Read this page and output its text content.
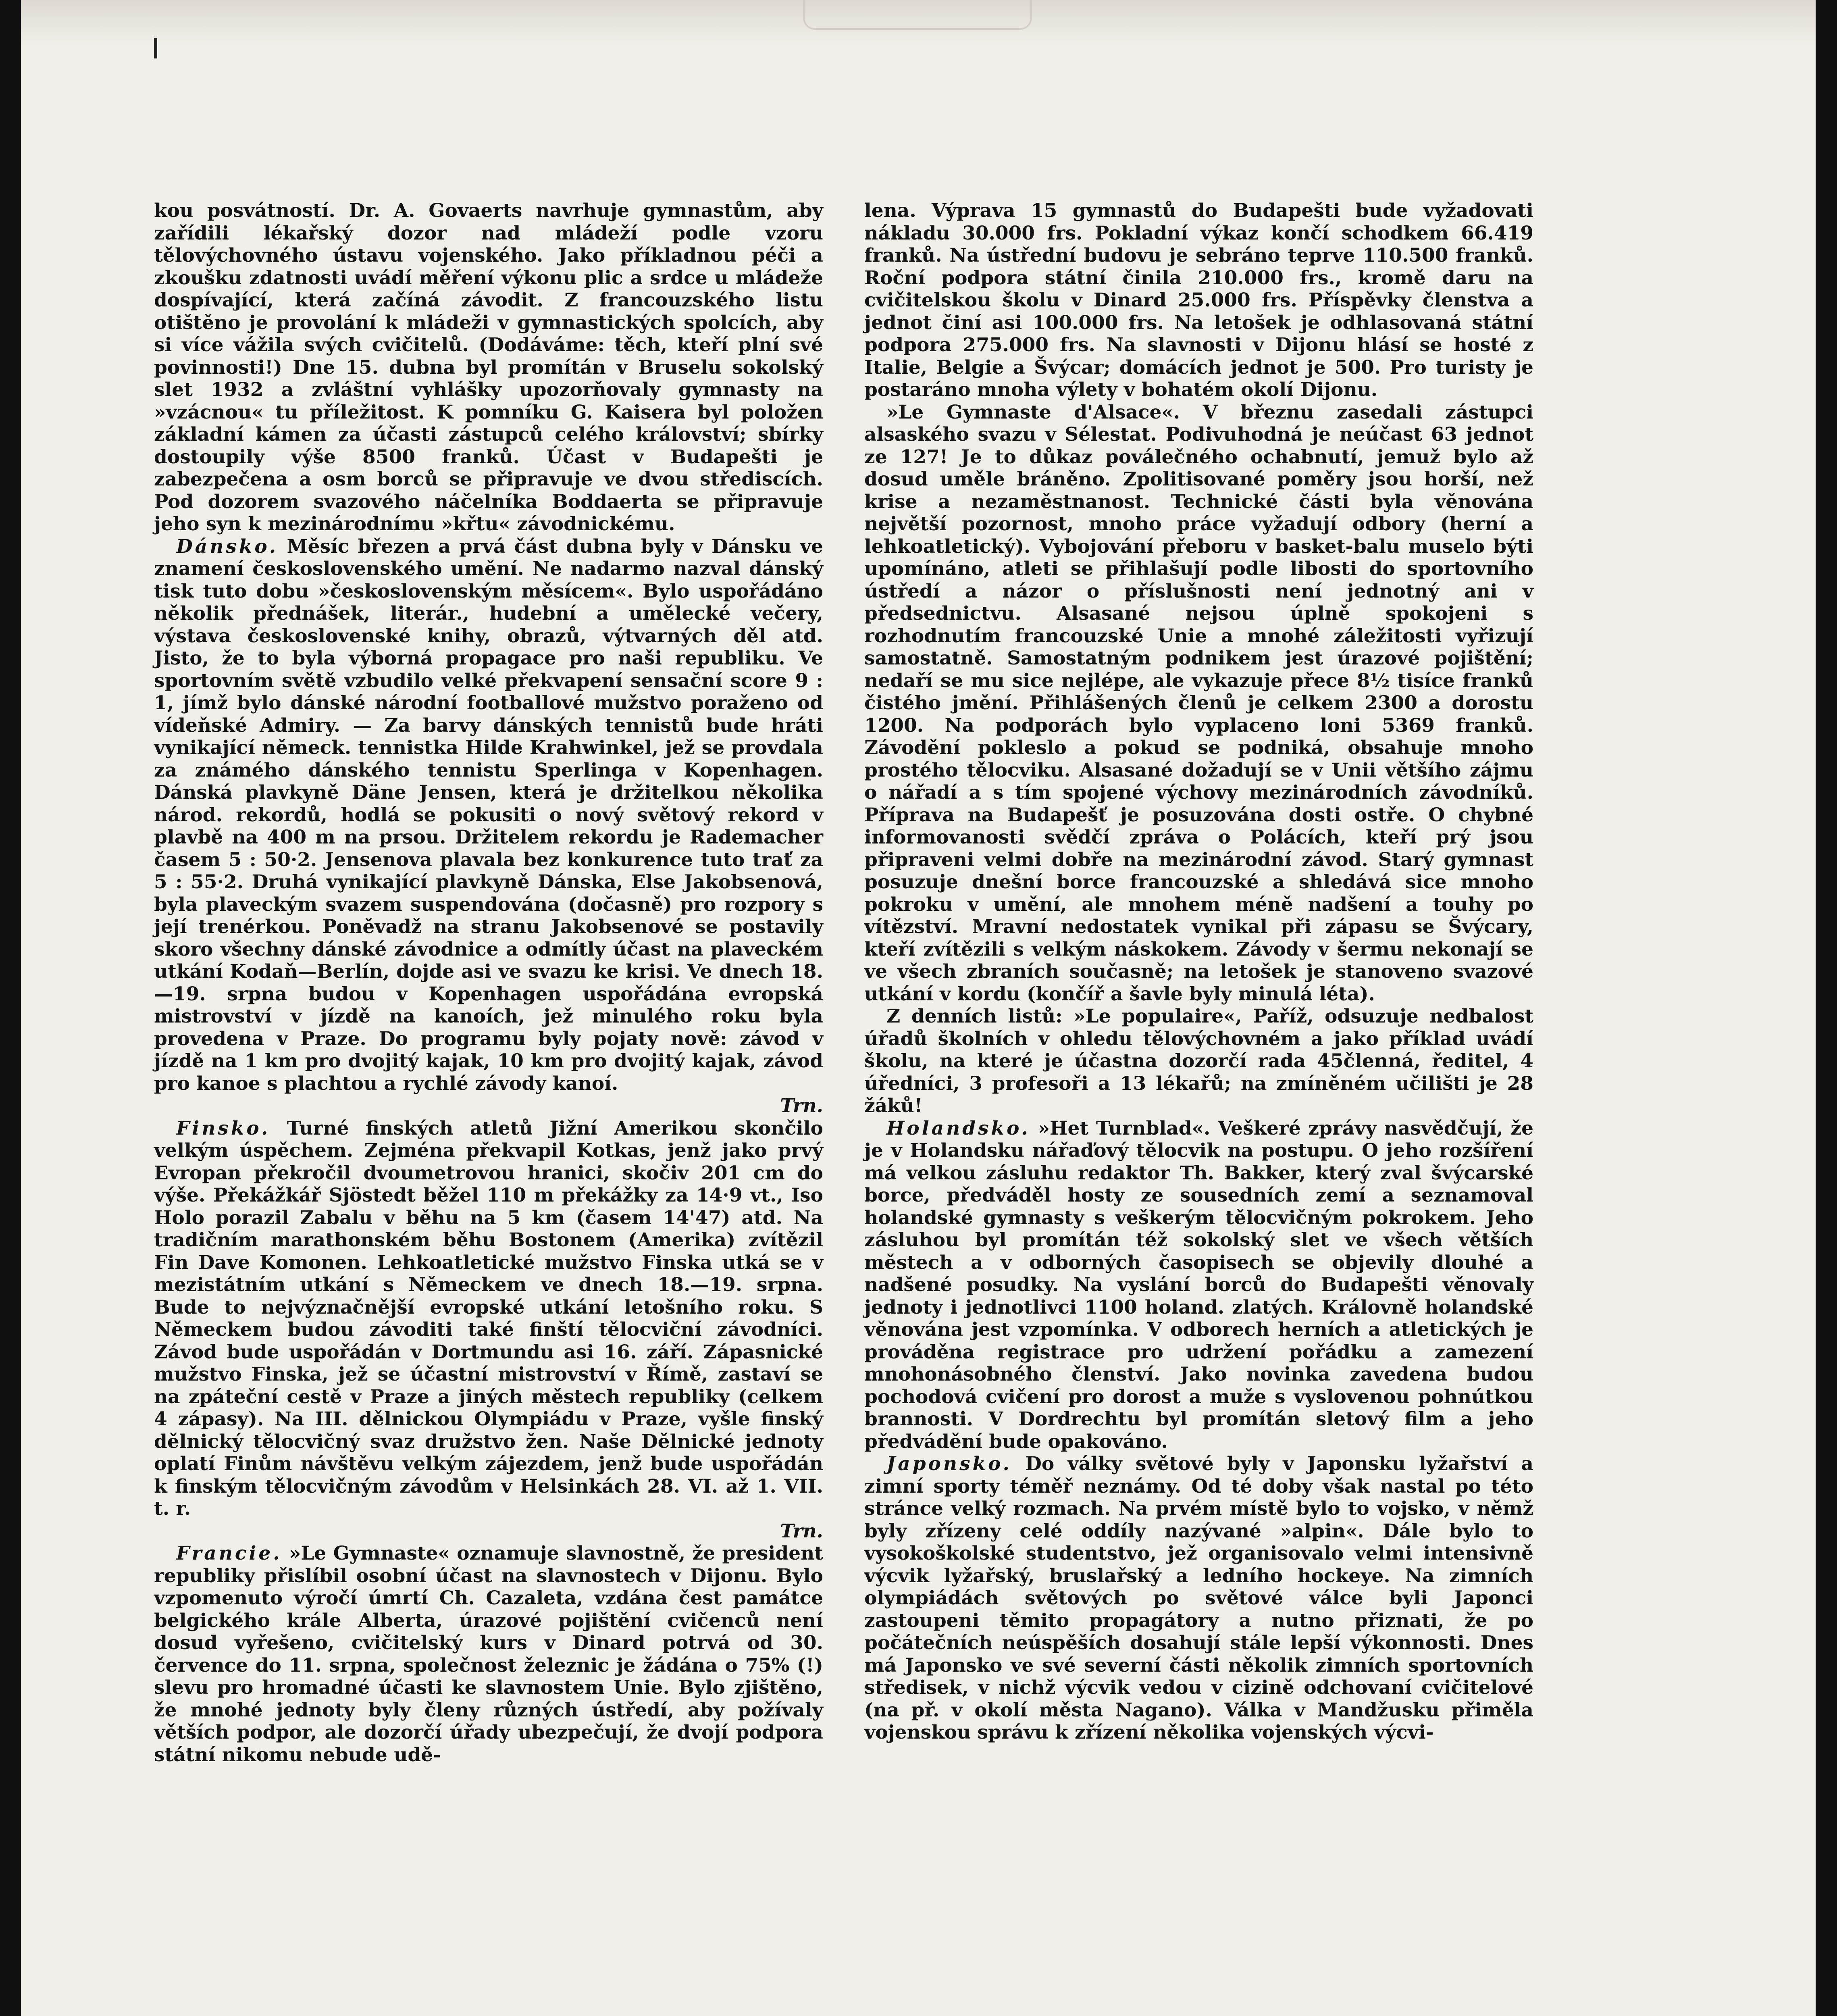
kou posvátností. Dr. A. Govaerts navrhuje gymnastům, aby zařídili lékařský dozor nad mládeží podle vzoru tělovýchovného ústavu vojenského. Jako příkladnou péči a zkoušku zdatnosti uvádí měření výkonu plic a srdce u mládeže dospívající, která začíná závodit. Z francouzského listu otištěno je provolání k mládeži v gymnastických spolcích, aby si více vážila svých cvičitelů. (Dodáváme: těch, kteří plní své povinnosti!) Dne 15. dubna byl promítán v Bruselu sokolský slet 1932 a zvláštní vyhlášky upozorňovaly gymnasty na »vzácnou« tu příležitost. K pomníku G. Kaisera byl položen základní kámen za účasti zástupců celého království; sbírky dostoupily výše 8500 franků. Účast v Budapešti je zabezpečena a osm borců se připravuje ve dvou střediscích. Pod dozorem svazového náčelníka Boddaerta se připravuje jeho syn k mezinárodnímu »křtu« závodnickému.

Dánsko. Měsíc březen a prvá část dubna byly v Dánsku ve znamení československého umění. Ne nadarmo nazval dánský tisk tuto dobu »československým měsícem«. Bylo uspořádáno několik přednášek, literár., hudební a umělecké večery, výstava československé knihy, obrazů, výtvarných děl atd. Jisto, že to byla výborná propagace pro naši republiku. Ve sportovním světě vzbudilo velké překvapení sensační score 9 : 1, jímž bylo dánské národní footballové mužstvo poraženo od vídeňské Admiry. — Za barvy dánských tennistů bude hráti vynikající německ. tennistka Hilde Krahwinkel, jež se provdala za známého dánského tennistu Sperlinga v Kopenhagen. Dánská plavkyně Däne Jensen, která je držitelkou několika národ. rekordů, hodlá se pokusiti o nový světový rekord v plavbě na 400 m na prsou. Držitelem rekordu je Rademacher časem 5 : 50·2. Jensenova plavala bez konkurence tuto trať za 5 : 55·2. Druhá vynikající plavkyně Dánska, Else Jakobsenová, byla plaveckým svazem suspendována (dočasně) pro rozpory s její trenérkou. Poněvadž na stranu Jakobsenové se postavily skoro všechny dánské závodnice a odmítly účast na plaveckém utkání Kodaň—Berlín, dojde asi ve svazu ke krisi. Ve dnech 18.—19. srpna budou v Kopenhagen uspořádána evropská mistrovství v jízdě na kanoích, jež minulého roku byla provedena v Praze. Do programu byly pojaty nově: závod v jízdě na 1 km pro dvojitý kajak, 10 km pro dvojitý kajak, závod pro kanoe s plachtou a rychlé závody kanoí.
Trn.

Finsko. Turné finských atletů Jižní Amerikou skončilo velkým úspěchem. Zejména překvapil Kotkas, jenž jako prvý Evropan překročil dvoumetrovou hranici, skočiv 201 cm do výše. Překážkář Sjöstedt běžel 110 m překážky za 14·9 vt., Iso Holo porazil Zabalu v běhu na 5 km (časem 14'47) atd. Na tradičním marathonském běhu Bostonem (Amerika) zvítězil Fin Dave Komonen. Lehkoatletické mužstvo Finska utká se v mezistátním utkání s Německem ve dnech 18.—19. srpna. Bude to nejvýznačnější evropské utkání letošního roku. S Německem budou závoditi také finští tělocviční závodníci. Závod bude uspořádán v Dortmundu asi 16. září. Zápasnické mužstvo Finska, jež se účastní mistrovství v Římě, zastaví se na zpáteční cestě v Praze a jiných městech republiky (celkem 4 zápasy). Na III. dělnickou Olympiádu v Praze, vyšle finský dělnický tělocvičný svaz družstvo žen. Naše Dělnické jednoty oplatí Finům návštěvu velkým zájezdem, jenž bude uspořádán k finským tělocvičným závodům v Helsinkách 28. VI. až 1. VII. t. r.
Trn.

Francie. »Le Gymnaste« oznamuje slavnostně, že president republiky přislíbil osobní účast na slavnostech v Dijonu. Bylo vzpomenuto výročí úmrtí Ch. Cazaleta, vzdána čest památce belgického krále Alberta, úrazové pojištění cvičenců není dosud vyřešeno, cvičitelský kurs v Dinard potrvá od 30. července do 11. srpna, společnost železnic je žádána o 75% (!) slevu pro hromadné účasti ke slavnostem Unie. Bylo zjištěno, že mnohé jednoty byly členy různých ústředí, aby požívaly větších podpor, ale dozorčí úřady ubezpečují, že dvojí podpora státní nikomu nebude udě-

lena. Výprava 15 gymnastů do Budapešti bude vyžadovati nákladu 30.000 frs. Pokladní výkaz končí schodkem 66.419 franků. Na ústřední budovu je sebráno teprve 110.500 franků. Roční podpora státní činila 210.000 frs., kromě daru na cvičitelskou školu v Dinard 25.000 frs. Příspěvky členstva a jednot činí asi 100.000 frs. Na letošek je odhlasovaná státní podpora 275.000 frs. Na slavnosti v Dijonu hlásí se hosté z Italie, Belgie a Švýcar; domácích jednot je 500. Pro turisty je postaráno mnoha výlety v bohatém okolí Dijonu.

»Le Gymnaste d'Alsace«. V březnu zasedali zástupci alsaského svazu v Sélestat. Podivuhodná je neúčast 63 jednot ze 127! Je to důkaz poválečného ochabnutí, jemuž bylo až dosud uměle bráněno. Zpolitisované poměry jsou horší, než krise a nezaměstnanost. Technické části byla věnována největší pozornost, mnoho práce vyžadují odbory (herní a lehkoatletický). Vybojování přeboru v basket-balu muselo býti upomínáno, atleti se přihlašují podle libosti do sportovního ústředí a názor o příslušnosti není jednotný ani v předsednictvu. Alsasané nejsou úplně spokojeni s rozhodnutím francouzské Unie a mnohé záležitosti vyřizují samostatně. Samostatným podnikem jest úrazové pojištění; nedaří se mu sice nejlépe, ale vykazuje přece 8½ tisíce franků čistého jmění. Přihlášených členů je celkem 2300 a dorostu 1200. Na podporách bylo vyplaceno loni 5369 franků. Závodění pokleslo a pokud se podniká, obsahuje mnoho prostého tělocviku. Alsasané dožadují se v Unii většího zájmu o nářadí a s tím spojené výchovy mezinárodních závodníků. Příprava na Budapešť je posuzována dosti ostře. O chybné informovanosti svědčí zpráva o Polácích, kteří prý jsou připraveni velmi dobře na mezinárodní závod. Starý gymnast posuzuje dnešní borce francouzské a shledává sice mnoho pokroku v umění, ale mnohem méně nadšení a touhy po vítězství. Mravní nedostatek vynikal při zápasu se Švýcary, kteří zvítězili s velkým náskokem. Závody v šermu nekonají se ve všech zbraních současně; na letošek je stanoveno svazové utkání v kordu (končíř a šavle byly minulá léta).

Z denních listů: »Le populaire«, Paříž, odsuzuje nedbalost úřadů školních v ohledu tělovýchovném a jako příklad uvádí školu, na které je účastna dozorčí rada 45členná, ředitel, 4 úředníci, 3 profesoři a 13 lékařů; na zmíněném učilišti je 28 žáků!

Holandsko. »Het Turnblad«. Veškeré zprávy nasvědčují, že je v Holandsku nářaďový tělocvik na postupu. O jeho rozšíření má velkou zásluhu redaktor Th. Bakker, který zval švýcarské borce, předváděl hosty ze sousedních zemí a seznamoval holandské gymnasty s veškerým tělocvičným pokrokem. Jeho zásluhou byl promítán též sokolský slet ve všech větších městech a v odborných časopisech se objevily dlouhé a nadšené posudky. Na vyslání borců do Budapešti věnovaly jednoty i jednotlivci 1100 holand. zlatých. Královně holandské věnována jest vzpomínka. V odborech herních a atletických je prováděna registrace pro udržení pořádku a zamezení mnohonásobného členství. Jako novinka zavedena budou pochodová cvičení pro dorost a muže s vyslovenou pohnútkou brannosti. V Dordrechtu byl promítán sletový film a jeho předvádění bude opakováno.

Japonsko. Do války světové byly v Japonsku lyžařství a zimní sporty téměř neznámy. Od té doby však nastal po této stránce velký rozmach. Na prvém místě bylo to vojsko, v němž byly zřízeny celé oddíly nazývané »alpin«. Dále bylo to vysokoškolské studentstvo, jež organisovalo velmi intensivně výcvik lyžařský, bruslařský a ledního hockeye. Na zimních olympiádách světových po světové válce byli Japonci zastoupeni těmito propagátory a nutno přiznati, že po počátečních neúspěších dosahují stále lepší výkonnosti. Dnes má Japonsko ve své severní části několik zimních sportovních středisek, v nichž výcvik vedou v cizině odchovaní cvičitelové (na př. v okolí města Nagano). Válka v Mandžusku přiměla vojenskou správu k zřízení několika vojenských výcvi-
